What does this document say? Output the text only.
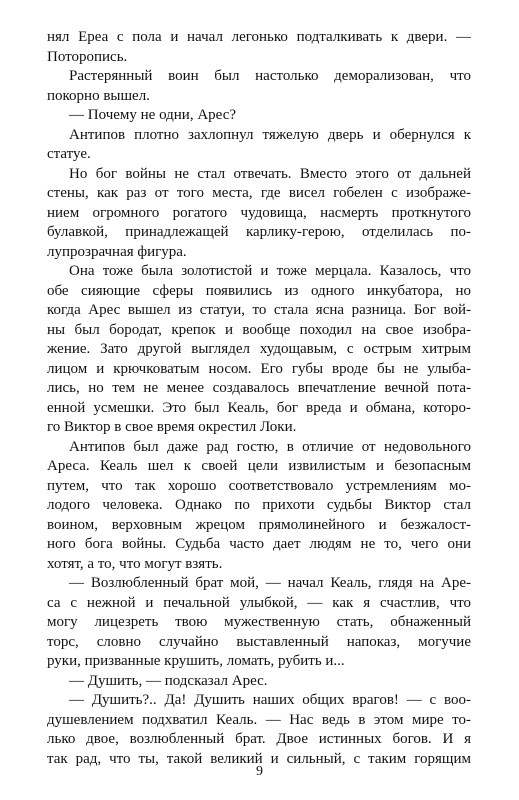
нял Ереа с пола и начал легонько подталкивать к двери. —
Поторопись.
Растерянный воин был настолько деморализован, что
покорно вышел.
— Почему не одни, Арес?
Антипов плотно захлопнул тяжелую дверь и обернулся к
статуе.
Но бог войны не стал отвечать. Вместо этого от дальней
стены, как раз от того места, где висел гобелен с изображе-
нием огромного рогатого чудовища, насмерть проткнутого
булавкой, принадлежащей карлику-герою, отделилась по-
лупрозрачная фигура.
Она тоже была золотистой и тоже мерцала. Казалось, что
обе сияющие сферы появились из одного инкубатора, но
когда Арес вышел из статуи, то стала ясна разница. Бог вой-
ны был бородат, крепок и вообще походил на свое изобра-
жение. Зато другой выглядел худощавым, с острым хитрым
лицом и крючковатым носом. Его губы вроде бы не улыба-
лись, но тем не менее создавалось впечатление вечной пота-
енной усмешки. Это был Кеаль, бог вреда и обмана, которо-
го Виктор в свое время окрестил Локи.
Антипов был даже рад гостю, в отличие от недовольного
Ареса. Кеаль шел к своей цели извилистым и безопасным
путем, что так хорошо соответствовало устремлениям мо-
лодого человека. Однако по прихоти судьбы Виктор стал
воином, верховным жрецом прямолинейного и безжалост-
ного бога войны. Судьба часто дает людям не то, чего они
хотят, а то, что могут взять.
— Возлюбленный брат мой, — начал Кеаль, глядя на Аре-
са с нежной и печальной улыбкой, — как я счастлив, что
могу лицезреть твою мужественную стать, обнаженный
торс, словно случайно выставленный напоказ, могучие
руки, призванные крушить, ломать, рубить и...
— Душить, — подсказал Арес.
— Душить?.. Да! Душить наших общих врагов! — с воо-
душевлением подхватил Кеаль. — Нас ведь в этом мире то-
лько двое, возлюбленный брат. Двое истинных богов. И я
так рад, что ты, такой великий и сильный, с таким горящим
9
